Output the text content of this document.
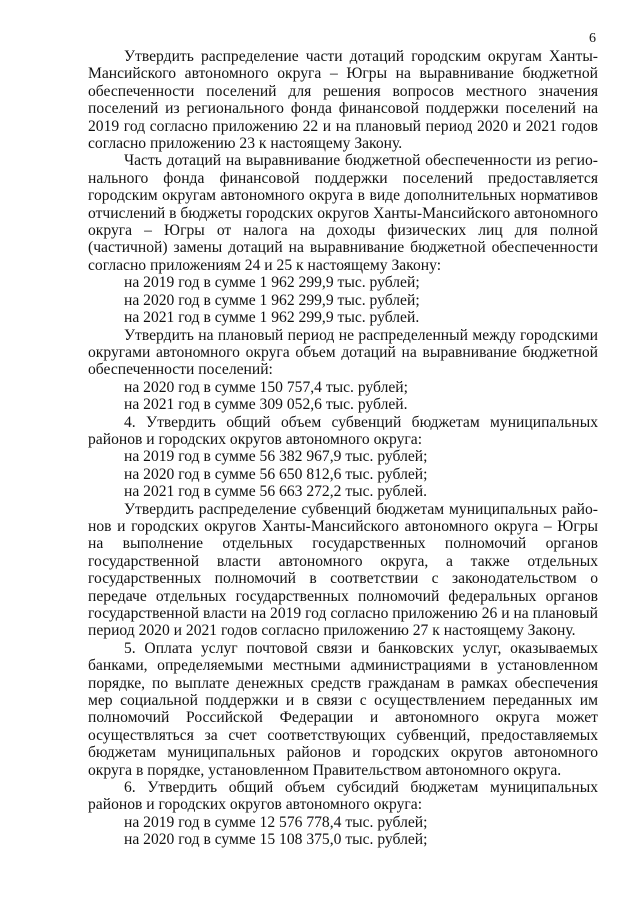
6

Утвердить распределение части дотаций городским округам Ханты-Мансийского автономного округа – Югры на выравнивание бюджетной обеспеченности поселений для решения вопросов местного значения поселений из регионального фонда финансовой поддержки поселений на 2019 год согласно приложению 22 и на плановый период 2020 и 2021 годов согласно приложению 23 к настоящему Закону.

Часть дотаций на выравнивание бюджетной обеспеченности из регионального фонда финансовой поддержки поселений предоставляется городским округам автономного округа в виде дополнительных нормативов отчислений в бюджеты городских округов Ханты-Мансийского автономного округа – Югры от налога на доходы физических лиц для полной (частичной) замены дотаций на выравнивание бюджетной обеспеченности согласно приложениям 24 и 25 к настоящему Закону:

на 2019 год в сумме 1 962 299,9 тыс. рублей;

на 2020 год в сумме 1 962 299,9 тыс. рублей;

на 2021 год в сумме 1 962 299,9 тыс. рублей.

Утвердить на плановый период не распределенный между городскими округами автономного округа объем дотаций на выравнивание бюджетной обеспеченности поселений:

на 2020 год в сумме 150 757,4 тыс. рублей;

на 2021 год в сумме 309 052,6 тыс. рублей.

4. Утвердить общий объем субвенций бюджетам муниципальных районов и городских округов автономного округа:

на 2019 год в сумме 56 382 967,9 тыс. рублей;

на 2020 год в сумме 56 650 812,6 тыс. рублей;

на 2021 год в сумме 56 663 272,2 тыс. рублей.

Утвердить распределение субвенций бюджетам муниципальных районов и городских округов Ханты-Мансийского автономного округа – Югры на выполнение отдельных государственных полномочий органов государственной власти автономного округа, а также отдельных государственных полномочий в соответствии с законодательством о передаче отдельных государственных полномочий федеральных органов государственной власти на 2019 год согласно приложению 26 и на плановый период 2020 и 2021 годов согласно приложению 27 к настоящему Закону.

5. Оплата услуг почтовой связи и банковских услуг, оказываемых банками, определяемыми местными администрациями в установленном порядке, по выплате денежных средств гражданам в рамках обеспечения мер социальной поддержки и в связи с осуществлением переданных им полномочий Российской Федерации и автономного округа может осуществляться за счет соответствующих субвенций, предоставляемых бюджетам муниципальных районов и городских округов автономного округа в порядке, установленном Правительством автономного округа.

6. Утвердить общий объем субсидий бюджетам муниципальных районов и городских округов автономного округа:

на 2019 год в сумме 12 576 778,4 тыс. рублей;

на 2020 год в сумме 15 108 375,0 тыс. рублей;
